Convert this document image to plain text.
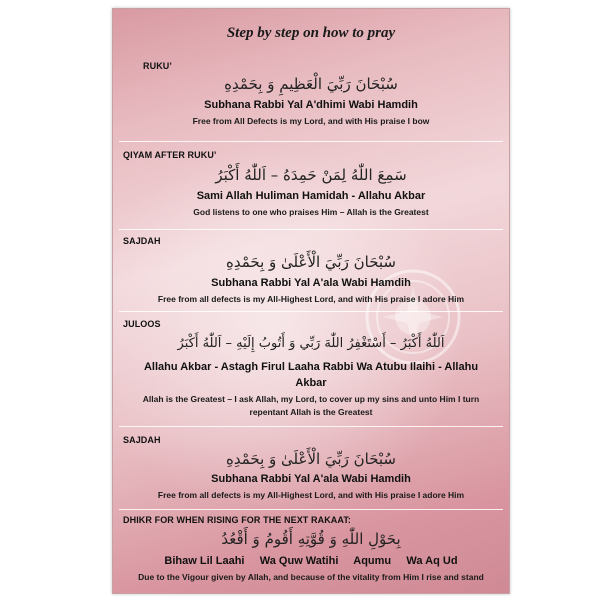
Step by step on how to pray
RUKU’
سُبْحَانَ رَبِّيَ الْعَظِيمِ وَ بِحَمْدِهِ
Subhana Rabbi Yal A'dhimi Wabi Hamdih
Free from All Defects is my Lord, and with His praise I bow
QIYAM AFTER RUKU’
سَمِعَ اللّٰهُ لِمَنْ حَمِدَهُ – اَللّٰهُ أَكْبَرُ
Sami Allah Huliman Hamidah - Allahu Akbar
God listens to one who praises Him – Allah is the Greatest
SAJDAH
سُبْحَانَ رَبِّيَ الْأَعْلَىٰ وَ بِحَمْدِهِ
Subhana Rabbi Yal A'ala Wabi Hamdih
Free from all defects is my All-Highest Lord, and with His praise I adore Him
JULOOS
اَللّٰهُ أَكْبَرُ – أَسْتَغْفِرُ اللّٰهَ رَبِّي وَ أَتُوبُ إِلَيْهِ – اَللّٰهُ أَكْبَرُ
Allahu Akbar - Astagh Firul Laaha Rabbi Wa Atubu Ilaihi - Allahu
Akbar
Allah is the Greatest – I ask Allah, my Lord, to cover up my sins and unto Him I turn
repentant Allah is the Greatest
SAJDAH
سُبْحَانَ رَبِّيَ الْأَعْلَىٰ وَ بِحَمْدِهِ
Subhana Rabbi Yal A'ala Wabi Hamdih
Free from all defects is my All-Highest Lord, and with His praise I adore Him
DHIKR FOR WHEN RISING FOR THE NEXT RAKAAT:
بِحَوْلِ اللّٰهِ وَ قُوَّتِهِ أَقُومُ وَ أَقْعُدُ
Bihaw Lil Laahi     Wa Quw Watihi     Aqumu     Wa Aq Ud
Due to the Vigour given by Allah, and because of the vitality from Him I rise and stand
